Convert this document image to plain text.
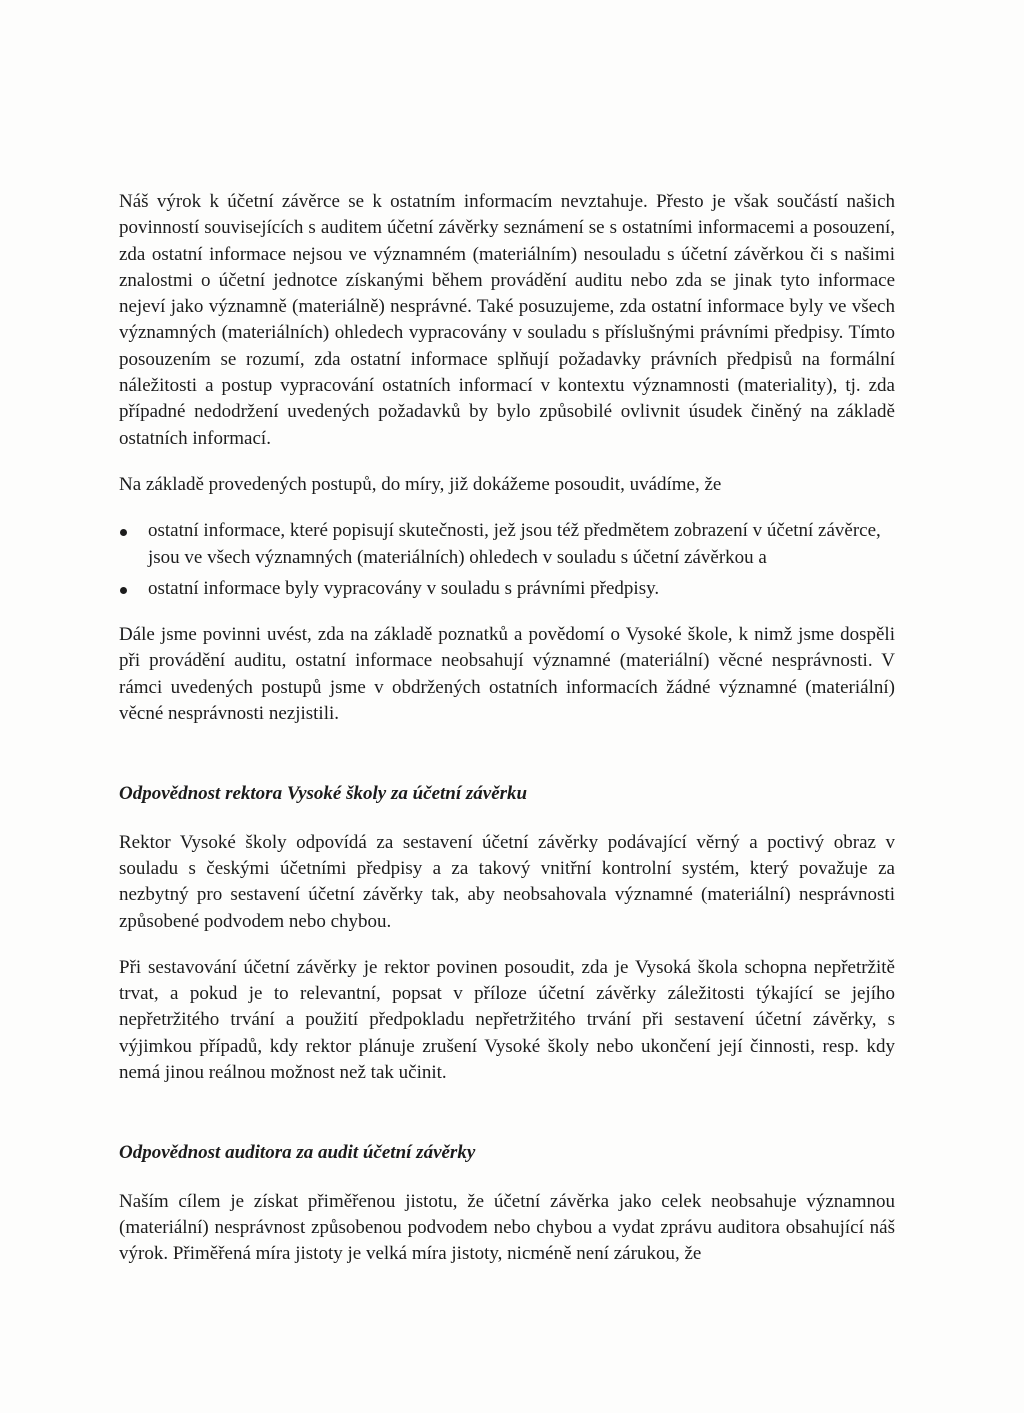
Náš výrok k účetní závěrce se k ostatním informacím nevztahuje. Přesto je však součástí našich povinností souvisejících s auditem účetní závěrky seznámení se s ostatními informacemi a posouzení, zda ostatní informace nejsou ve významném (materiálním) nesouladu s účetní závěrkou či s našimi znalostmi o účetní jednotce získanými během provádění auditu nebo zda se jinak tyto informace nejeví jako významně (materiálně) nesprávné. Také posuzujeme, zda ostatní informace byly ve všech významných (materiálních) ohledech vypracovány v souladu s příslušnými právními předpisy. Tímto posouzením se rozumí, zda ostatní informace splňují požadavky právních předpisů na formální náležitosti a postup vypracování ostatních informací v kontextu významnosti (materiality), tj. zda případné nedodržení uvedených požadavků by bylo způsobilé ovlivnit úsudek činěný na základě ostatních informací.

Na základě provedených postupů, do míry, již dokážeme posoudit, uvádíme, že

ostatní informace, které popisují skutečnosti, jež jsou též předmětem zobrazení v účetní závěrce, jsou ve všech významných (materiálních) ohledech v souladu s účetní závěrkou a
ostatní informace byly vypracovány v souladu s právními předpisy.

Dále jsme povinni uvést, zda na základě poznatků a povědomí o Vysoké škole, k nimž jsme dospěli při provádění auditu, ostatní informace neobsahují významné (materiální) věcné nesprávnosti. V rámci uvedených postupů jsme v obdržených ostatních informacích žádné významné (materiální) věcné nesprávnosti nezjistili.

Odpovědnost rektora Vysoké školy za účetní závěrku

Rektor Vysoké školy odpovídá za sestavení účetní závěrky podávající věrný a poctivý obraz v souladu s českými účetními předpisy a za takový vnitřní kontrolní systém, který považuje za nezbytný pro sestavení účetní závěrky tak, aby neobsahovala významné (materiální) nesprávnosti způsobené podvodem nebo chybou.

Při sestavování účetní závěrky je rektor povinen posoudit, zda je Vysoká škola schopna nepřetržitě trvat, a pokud je to relevantní, popsat v příloze účetní závěrky záležitosti týkající se jejího nepřetržitého trvání a použití předpokladu nepřetržitého trvání při sestavení účetní závěrky, s výjimkou případů, kdy rektor plánuje zrušení Vysoké školy nebo ukončení její činnosti, resp. kdy nemá jinou reálnou možnost než tak učinit.

Odpovědnost auditora za audit účetní závěrky

Naším cílem je získat přiměřenou jistotu, že účetní závěrka jako celek neobsahuje významnou (materiální) nesprávnost způsobenou podvodem nebo chybou a vydat zprávu auditora obsahující náš výrok. Přiměřená míra jistoty je velká míra jistoty, nicméně není zárukou, že
